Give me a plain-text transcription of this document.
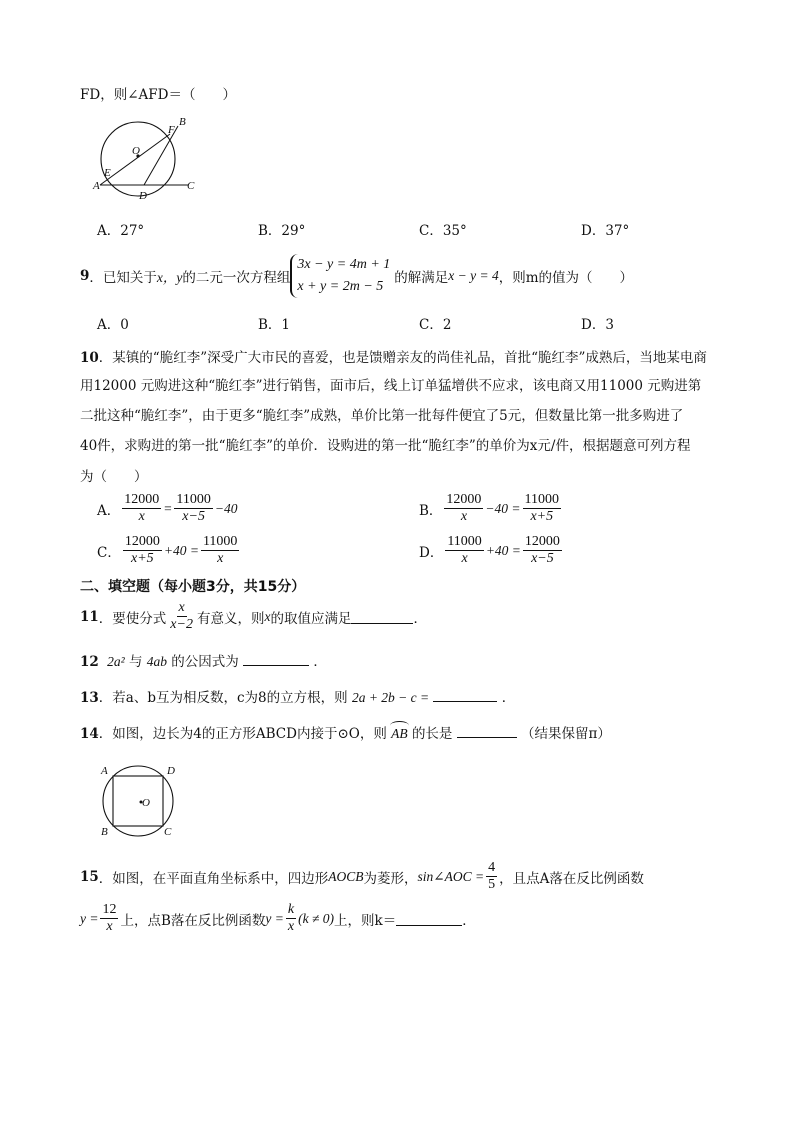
FD，则∠AFD＝（　　）
B
F
O
E
A
D
C
A．27°	B．29°	C．35°	D．37°
9 ．已知关于 x，y 的二元一次方程组
3x − y = 4m + 1
x + y = 2m − 5
的解满足 x − y = 4 ，则m的值为（　　）
A．0	B．1	C．2	D．3
10．某镇的“脆红李”深受广大市民的喜爱，也是馈赠亲友的尚佳礼品，首批“脆红李”成熟后，当地某电商
用12000 元购进这种“脆红李”进行销售，面市后，线上订单猛增供不应求，该电商又用11000 元购进第
二批这种“脆红李”，由于更多“脆红李”成熟，单价比第一批每件便宜了5元，但数量比第一批多购进了
40件，求购进的第一批“脆红李”的单价．设购进的第一批“脆红李”的单价为x元/件，根据题意可列方程
为（　　）
A． $\frac{12000}{x} = \frac{11000}{x-5} -40$	B． $\frac{12000}{x} -40 = \frac{11000}{x+5}$
C． $\frac{12000}{x+5} +40 = \frac{11000}{x}$	D． $\frac{11000}{x} +40 = \frac{12000}{x-5}$
二、填空题（每小题3分，共15分）
11 ．要使分式 $\frac{x}{x-2}$ 有意义，则 x 的取值应满足	．
12 2a² 与 4ab 的公因式为	．
13．若a、b互为相反数，c为8的立方根，则 2a + 2b − c =	．
14．如图，边长为4的正方形ABCD内接于⊙O，则 AB 的长是	（结果保留π）
A	D
O
B	C
15 ．如图，在平面直角坐标系中，四边形 AOCB 为菱形， sin∠AOC = $\frac{4}{5}$ ，且点A落在反比例函数
$y = \frac{12}{x}$ 上，点B落在反比例函数 $y = \frac{k}{x} (k \ne 0)$ 上，则k＝	．
